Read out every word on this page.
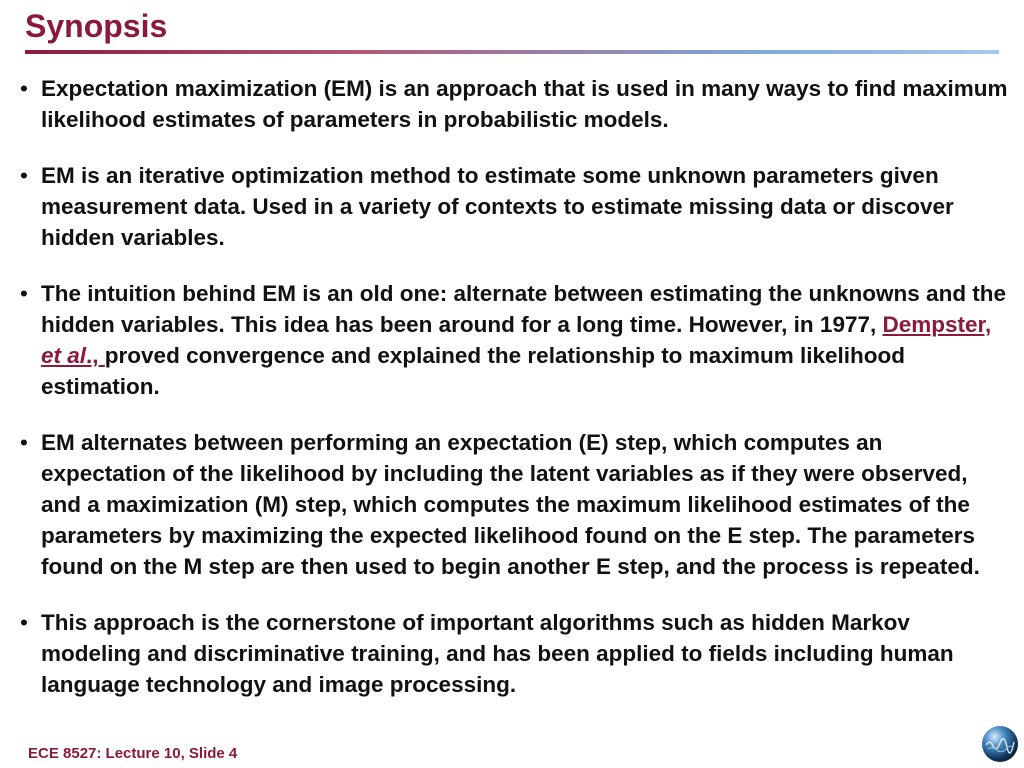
Synopsis
• Expectation maximization (EM) is an approach that is used in many ways to find maximum likelihood estimates of parameters in probabilistic models.
• EM is an iterative optimization method to estimate some unknown parameters given measurement data. Used in a variety of contexts to estimate missing data or discover hidden variables.
• The intuition behind EM is an old one: alternate between estimating the unknowns and the hidden variables. This idea has been around for a long time. However, in 1977, Dempster, et al., proved convergence and explained the relationship to maximum likelihood estimation.
• EM alternates between performing an expectation (E) step, which computes an expectation of the likelihood by including the latent variables as if they were observed, and a maximization (M) step, which computes the maximum likelihood estimates of the parameters by maximizing the expected likelihood found on the E step. The parameters found on the M step are then used to begin another E step, and the process is repeated.
• This approach is the cornerstone of important algorithms such as hidden Markov modeling and discriminative training, and has been applied to fields including human language technology and image processing.
ECE 8527: Lecture 10, Slide 4
